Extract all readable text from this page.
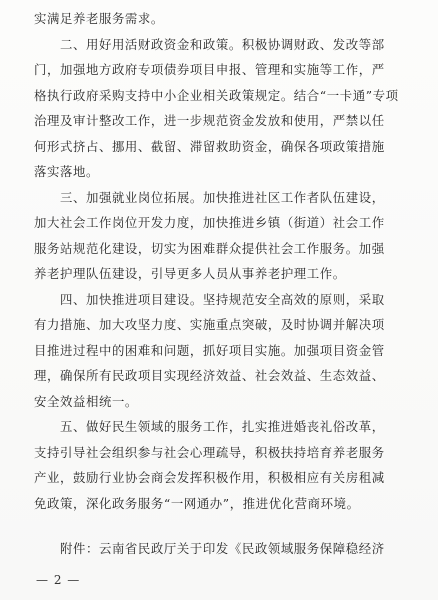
实满足养老服务需求。
　　二、用好用活财政资金和政策。积极协调财政、发改等部
门，加强地方政府专项债券项目申报、管理和实施等工作，严
格执行政府采购支持中小企业相关政策规定。结合“一卡通”专项
治理及审计整改工作，进一步规范资金发放和使用，严禁以任
何形式挤占、挪用、截留、滞留救助资金，确保各项政策措施
落实落地。
　　三、加强就业岗位拓展。加快推进社区工作者队伍建设，
加大社会工作岗位开发力度，加快推进乡镇（街道）社会工作
服务站规范化建设，切实为困难群众提供社会工作服务。加强
养老护理队伍建设，引导更多人员从事养老护理工作。
　　四、加快推进项目建设。坚持规范安全高效的原则，采取
有力措施、加大攻坚力度、实施重点突破，及时协调并解决项
目推进过程中的困难和问题，抓好项目实施。加强项目资金管
理，确保所有民政项目实现经济效益、社会效益、生态效益、
安全效益相统一。
　　五、做好民生领域的服务工作，扎实推进婚丧礼俗改革，
支持引导社会组织参与社会心理疏导，积极扶持培育养老服务
产业，鼓励行业协会商会发挥积极作用，积极相应有关房租减
免政策，深化政务服务“一网通办”，推进优化营商环境。
　　附件：云南省民政厅关于印发《民政领域服务保障稳经济
— 2 —
